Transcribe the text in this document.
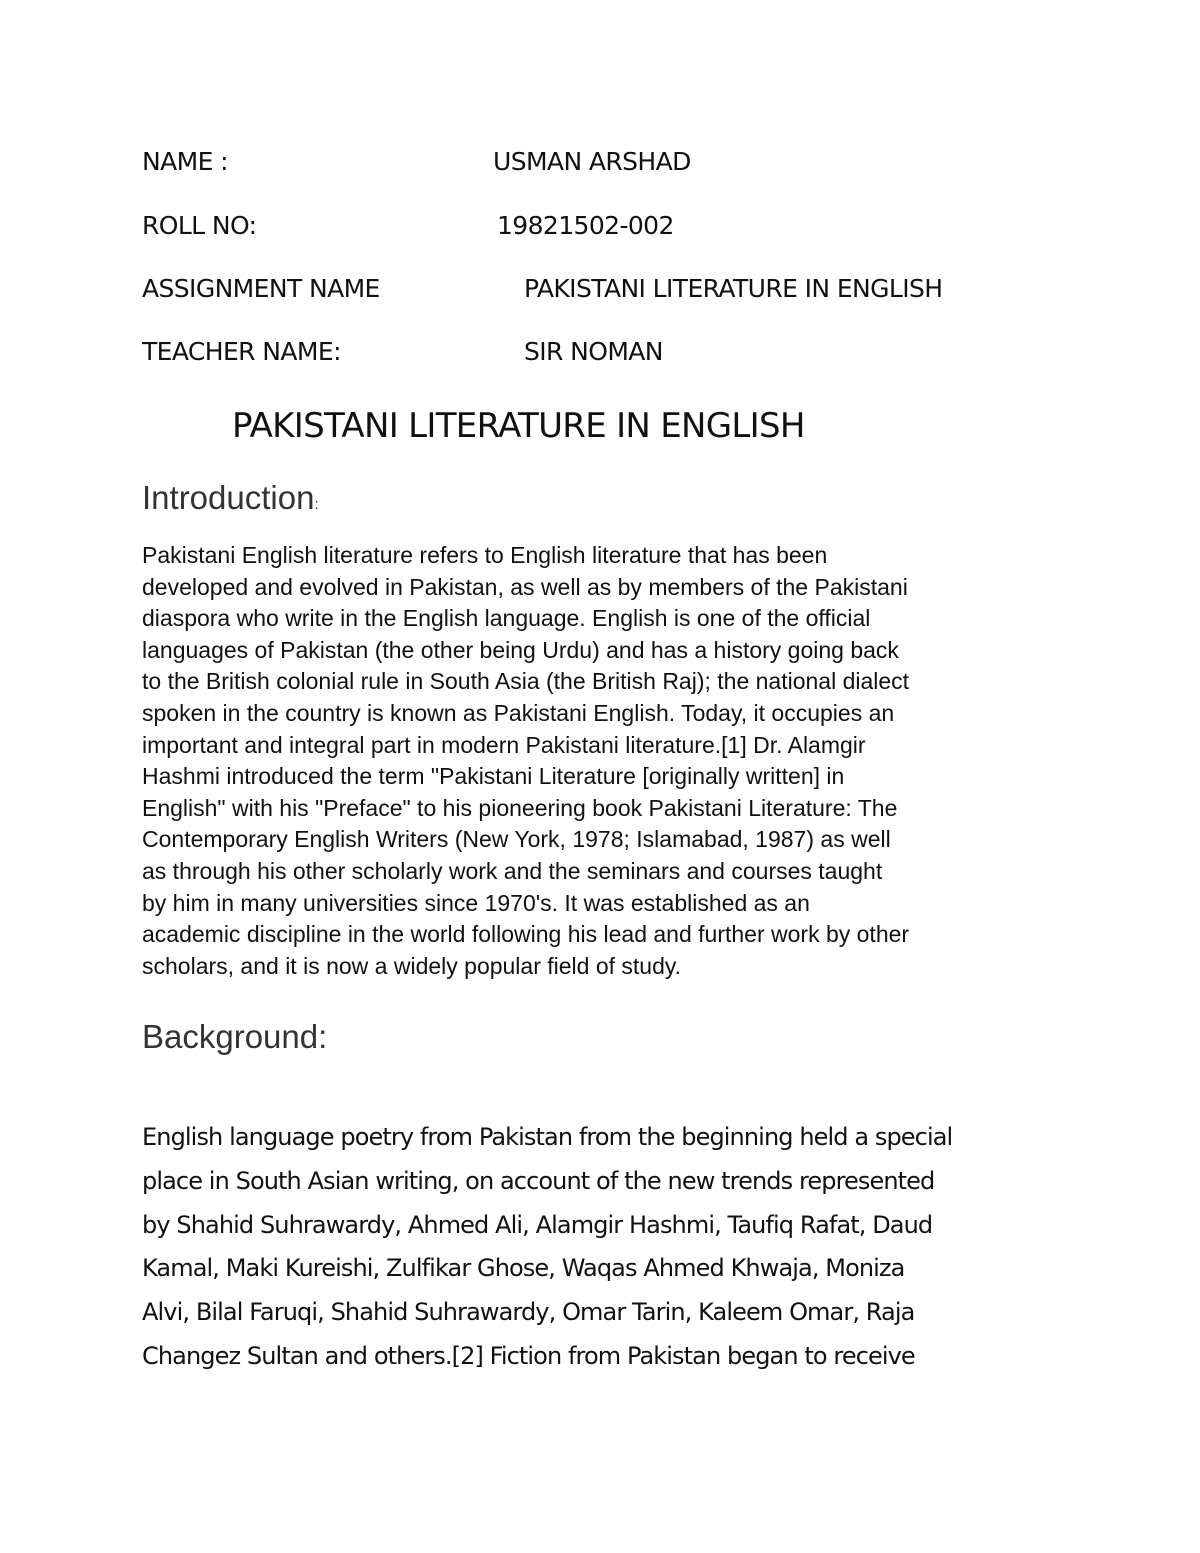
NAME :	USMAN ARSHAD
ROLL NO:	19821502-002
ASSIGNMENT NAME	PAKISTANI LITERATURE IN ENGLISH
TEACHER NAME:	SIR NOMAN
PAKISTANI LITERATURE IN ENGLISH
Introduction:
Pakistani English literature refers to English literature that has been
developed and evolved in Pakistan, as well as by members of the Pakistani
diaspora who write in the English language. English is one of the official
languages of Pakistan (the other being Urdu) and has a history going back
to the British colonial rule in South Asia (the British Raj); the national dialect
spoken in the country is known as Pakistani English. Today, it occupies an
important and integral part in modern Pakistani literature.[1] Dr. Alamgir
Hashmi introduced the term "Pakistani Literature [originally written] in
English" with his "Preface" to his pioneering book Pakistani Literature: The
Contemporary English Writers (New York, 1978; Islamabad, 1987) as well
as through his other scholarly work and the seminars and courses taught
by him in many universities since 1970's. It was established as an
academic discipline in the world following his lead and further work by other
scholars, and it is now a widely popular field of study.
Background:
English language poetry from Pakistan from the beginning held a special
place in South Asian writing, on account of the new trends represented
by Shahid Suhrawardy, Ahmed Ali, Alamgir Hashmi, Taufiq Rafat, Daud
Kamal, Maki Kureishi, Zulfikar Ghose, Waqas Ahmed Khwaja, Moniza
Alvi, Bilal Faruqi, Shahid Suhrawardy, Omar Tarin, Kaleem Omar, Raja
Changez Sultan and others.[2] Fiction from Pakistan began to receive
